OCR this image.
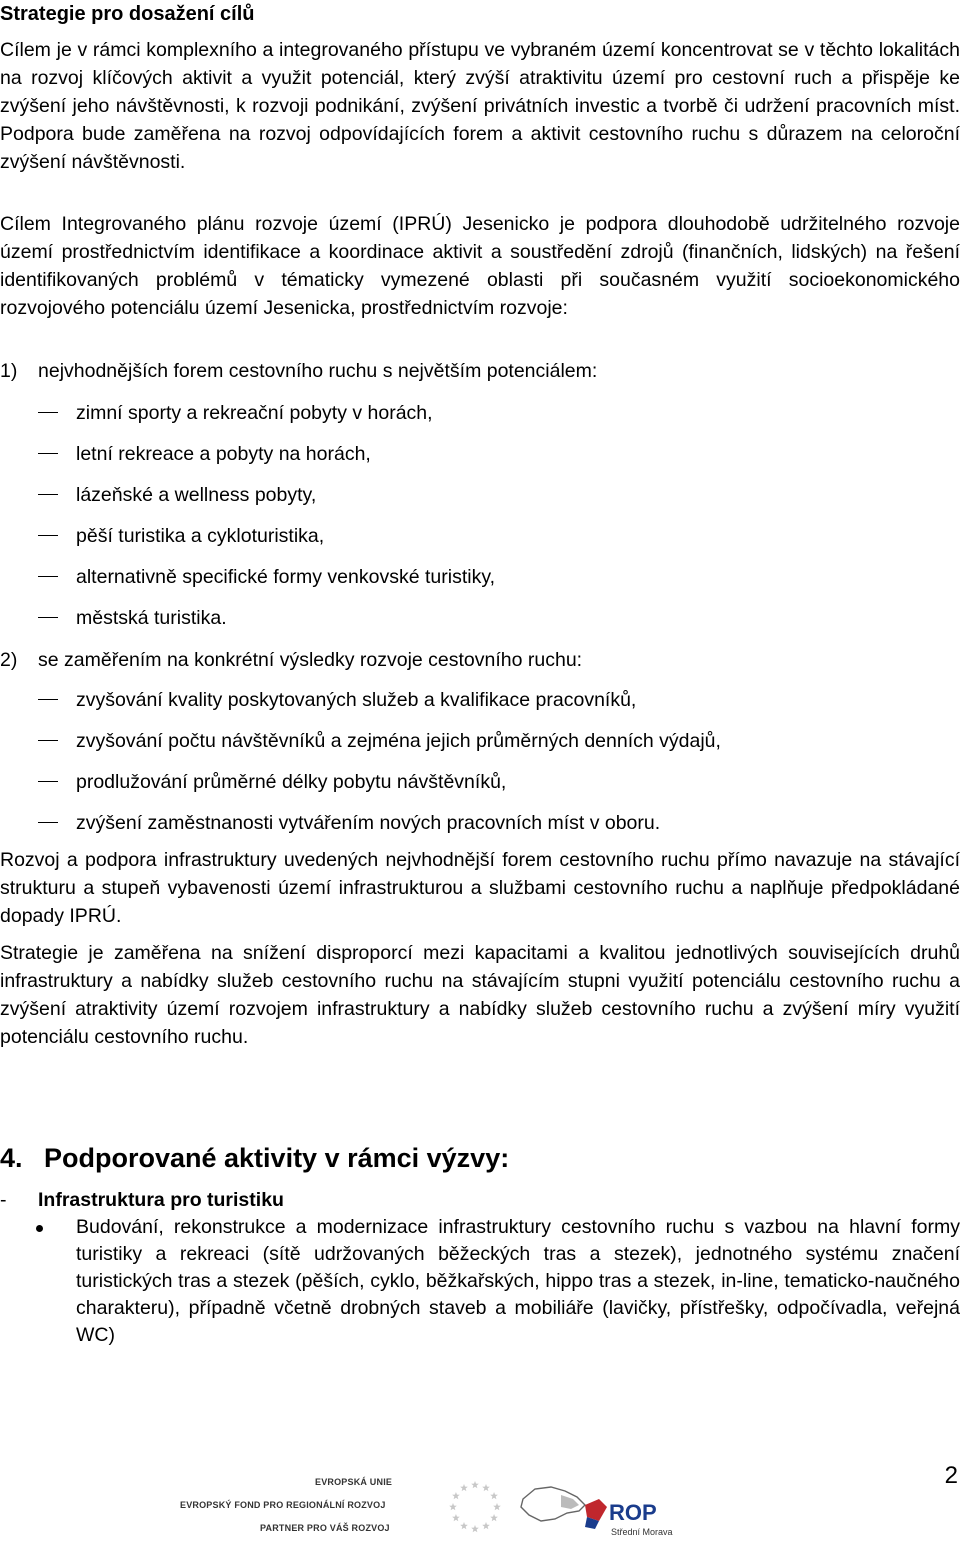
Strategie pro dosažení cílů
Cílem je v rámci komplexního a integrovaného přístupu ve vybraném území koncentrovat se v těchto lokalitách na rozvoj klíčových aktivit a využit potenciál, který zvýší atraktivitu území pro cestovní ruch a přispěje ke zvýšení jeho návštěvnosti, k rozvoji podnikání, zvýšení privátních investic a tvorbě či udržení pracovních míst. Podpora bude zaměřena na rozvoj odpovídajících forem a aktivit cestovního ruchu s důrazem na celoroční zvýšení návštěvnosti.
Cílem Integrovaného plánu rozvoje území (IPRÚ) Jesenicko je podpora dlouhodobě udržitelného rozvoje území prostřednictvím identifikace a koordinace aktivit a soustředění zdrojů (finančních, lidských) na řešení identifikovaných problémů v tématicky vymezené oblasti při současném využití socioekonomického rozvojového potenciálu území Jesenicka, prostřednictvím rozvoje:
1) nejvhodnějších forem cestovního ruchu s největším potenciálem:
zimní sporty a rekreační pobyty v horách,
letní rekreace a pobyty na horách,
lázeňské a wellness pobyty,
pěší turistika a cykloturistika,
alternativně specifické formy venkovské turistiky,
městská turistika.
2) se zaměřením na konkrétní výsledky rozvoje cestovního ruchu:
zvyšování kvality poskytovaných služeb a kvalifikace pracovníků,
zvyšování počtu návštěvníků a zejména jejich průměrných denních výdajů,
prodlužování průměrné délky pobytu návštěvníků,
zvýšení zaměstnanosti vytvářením nových pracovních míst v oboru.
Rozvoj a podpora infrastruktury uvedených nejvhodnější forem cestovního ruchu přímo navazuje na stávající strukturu a stupeň vybavenosti území infrastrukturou a službami cestovního ruchu a naplňuje předpokládané dopady IPRÚ.
Strategie je zaměřena na snížení disproporcí mezi kapacitami a kvalitou jednotlivých souvisejících druhů infrastruktury a nabídky služeb cestovního ruchu na stávajícím stupni využití potenciálu cestovního ruchu a zvýšení atraktivity území rozvojem infrastruktury a nabídky služeb cestovního ruchu a zvýšení míry využití potenciálu cestovního ruchu.
4. Podporované aktivity v rámci výzvy:
- Infrastruktura pro turistiku
Budování, rekonstrukce a modernizace infrastruktury cestovního ruchu s vazbou na hlavní formy turistiky a rekreaci (sítě udržovaných běžeckých tras a stezek), jednotného systému značení turistických tras a stezek (pěších, cyklo, běžkařských, hippo tras a stezek, in-line, tematicko-naučného charakteru), případně včetně drobných staveb a mobiliáře (lavičky, přístřešky, odpočívadla, veřejná WC)
2
EVROPSKÁ UNIE
EVROPSKÝ FOND PRO REGIONÁLNÍ ROZVOJ
PARTNER PRO VÁŠ ROZVOJ
ROP
Střední Morava
